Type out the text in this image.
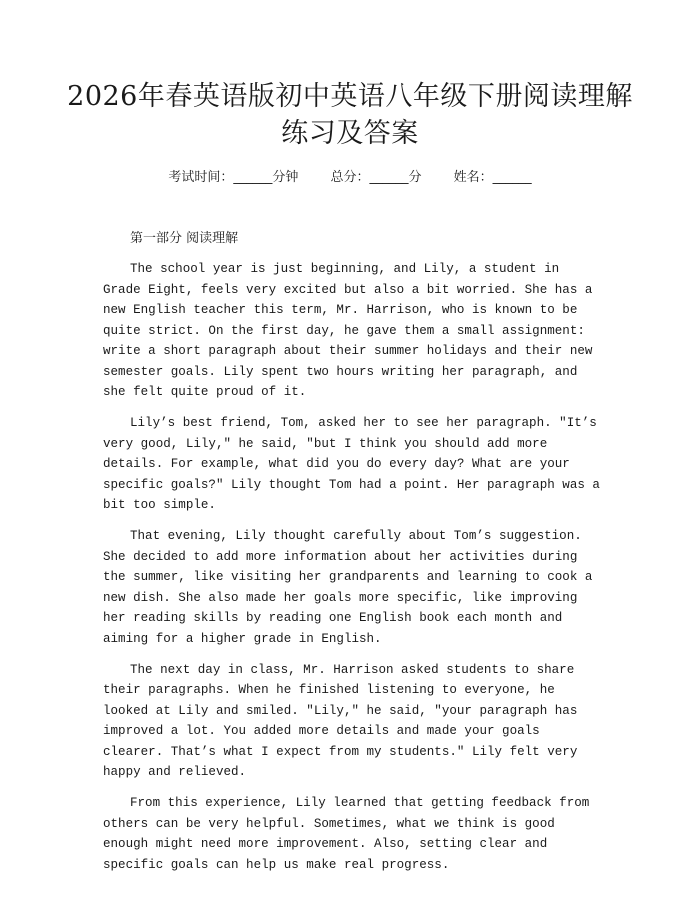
2026年春英语版初中英语八年级下册阅读理解练习及答案
考试时间：______分钟 总分：______分 姓名：______
第一部分 阅读理解

The school year is just beginning, and Lily, a student in Grade Eight, feels very excited but also a bit worried. She has a new English teacher this term, Mr. Harrison, who is known to be quite strict. On the first day, he gave them a small assignment: write a short paragraph about their summer holidays and their new semester goals. Lily spent two hours writing her paragraph, and she felt quite proud of it.

Lily’s best friend, Tom, asked her to see her paragraph. "It’s very good, Lily," he said, "but I think you should add more details. For example, what did you do every day? What are your specific goals?" Lily thought Tom had a point. Her paragraph was a bit too simple.

That evening, Lily thought carefully about Tom’s suggestion. She decided to add more information about her activities during the summer, like visiting her grandparents and learning to cook a new dish. She also made her goals more specific, like improving her reading skills by reading one English book each month and aiming for a higher grade in English.

The next day in class, Mr. Harrison asked students to share their paragraphs. When he finished listening to everyone, he looked at Lily and smiled. "Lily," he said, "your paragraph has improved a lot. You added more details and made your goals clearer. That’s what I expect from my students." Lily felt very happy and relieved.

From this experience, Lily learned that getting feedback from others can be very helpful. Sometimes, what we think is good enough might need more improvement. Also, setting clear and specific goals can help us make real progress.
